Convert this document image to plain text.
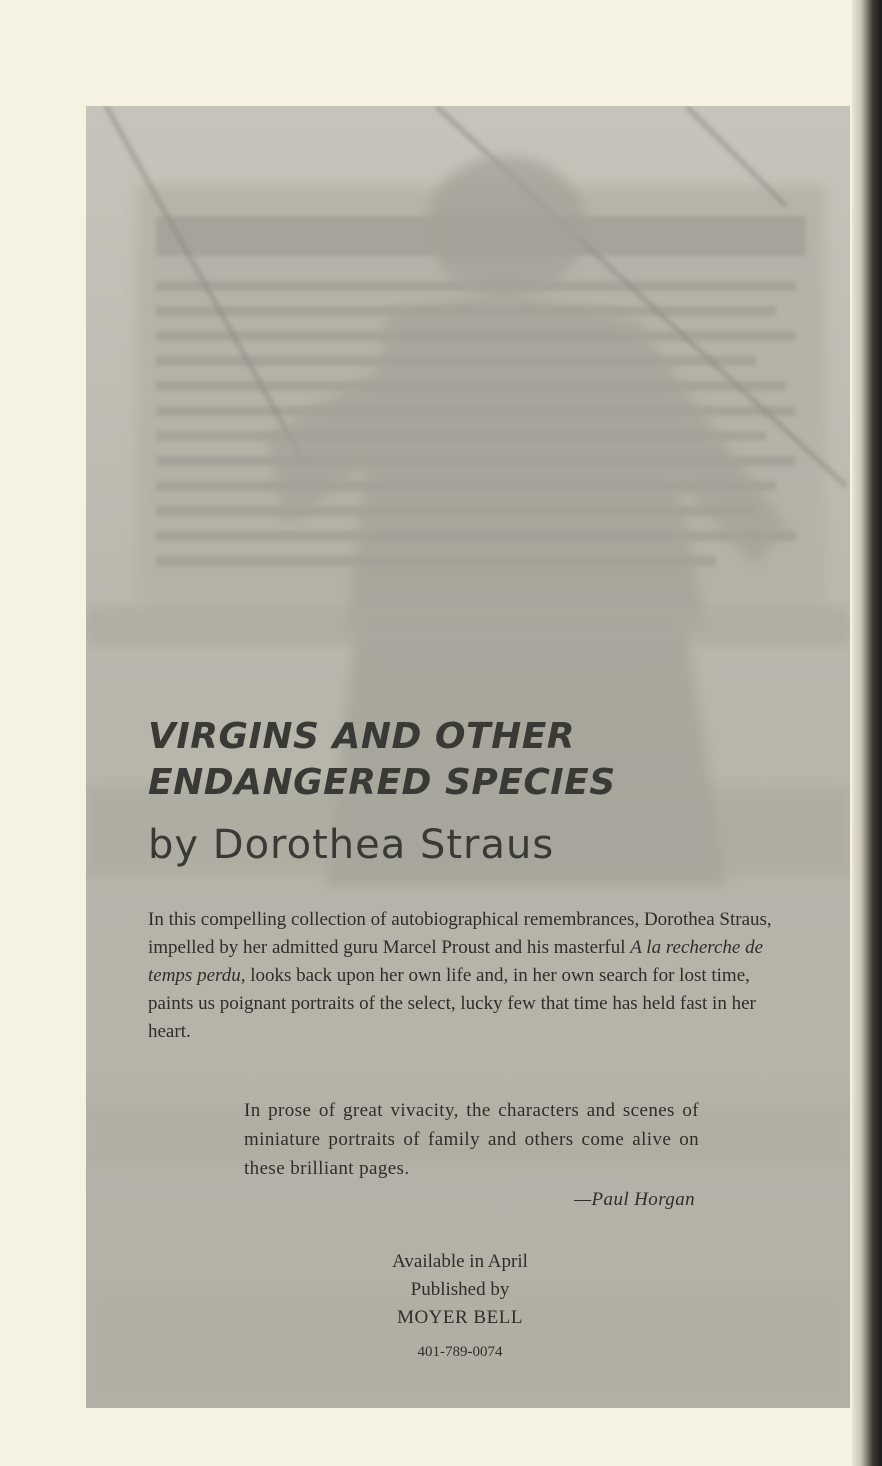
VIRGINS AND OTHER
ENDANGERED SPECIES
by Dorothea Straus

In this compelling collection of autobiographical remembrances, Dorothea Straus, impelled by her admitted guru Marcel Proust and his masterful A la recherche de temps perdu, looks back upon her own life and, in her own search for lost time, paints us poignant portraits of the select, lucky few that time has held fast in her heart.

In prose of great vivacity, the characters and scenes of miniature portraits of family and others come alive on these brilliant pages.

—Paul Horgan
Available in April
Published by
MOYER BELL
401-789-0074
